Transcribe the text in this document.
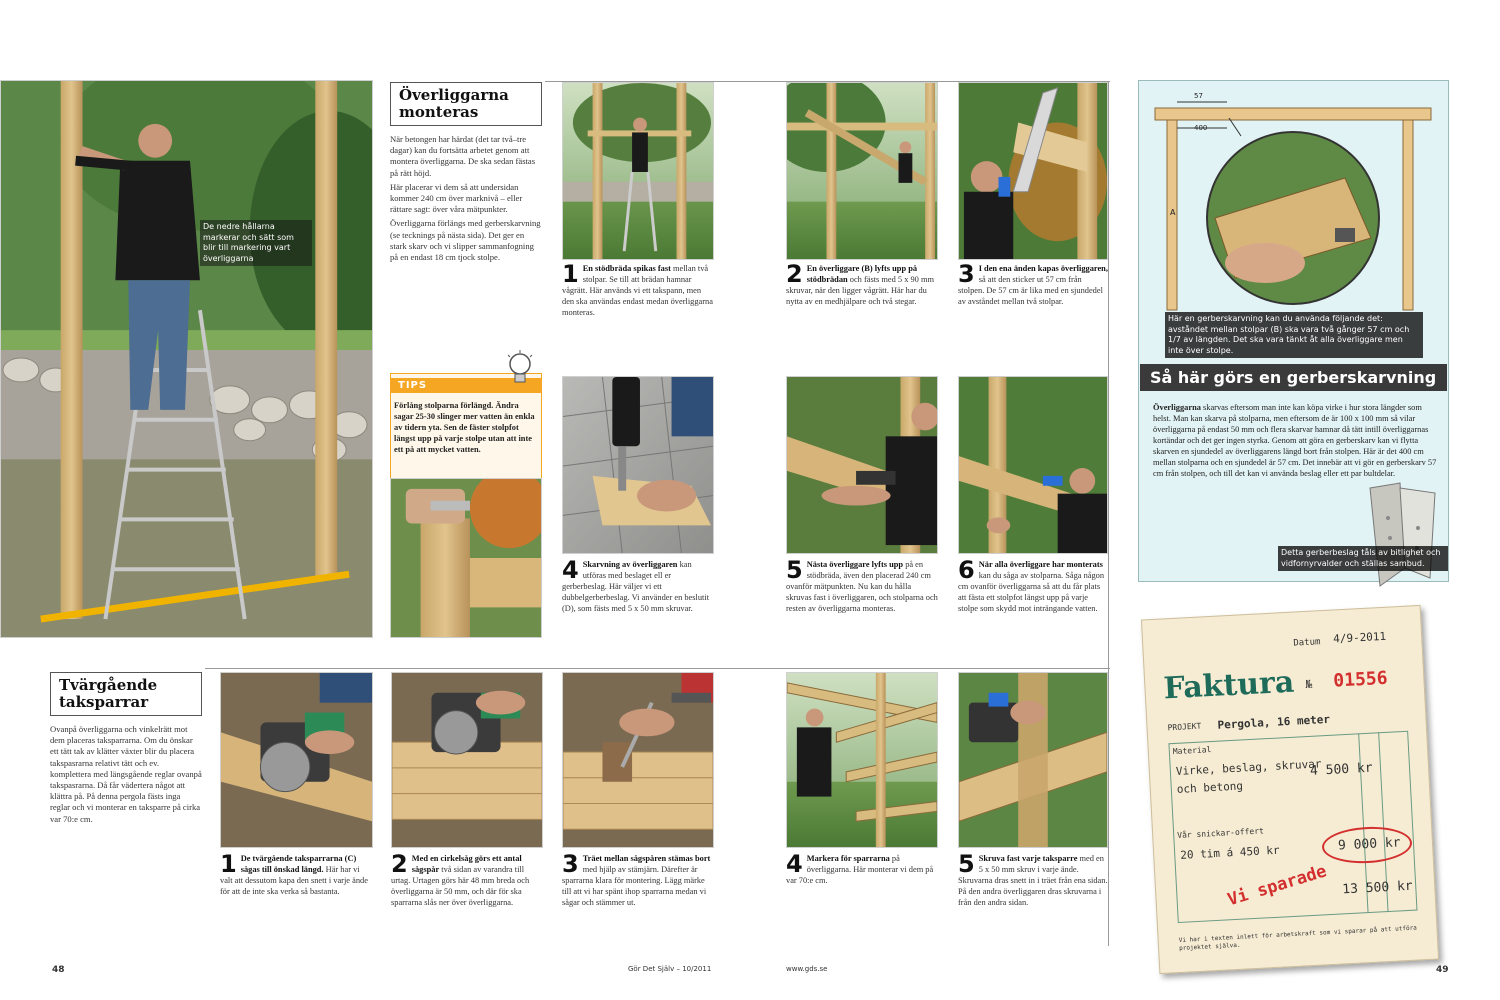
De nedre hållarna markerar och sätt som blir till markering vart överliggarna
Överliggarna
monteras

När betongen har härdat (det tar två–tre dagar) kan du fortsätta arbetet genom att montera överliggarna. De ska sedan fästas på rätt höjd.

Här placerar vi dem så att undersidan kommer 240 cm över marknivå – eller rättare sagt: över våra mätpunkter.

Överliggarna förlängs med gerberskarvning (se tecknings på nästa sida). Det ger en stark skarv och vi slipper sammanfogning på en endast 18 cm tjock stolpe.

TIPS
Förlång stolparna förlängd. Ändra sagar 25-30 slinger mer vatten än enkla av tidern yta. Sen de fäster stolpfot längst upp på varje stolpe utan att inte ett på att mycket vatten.
1 En stödbräda spikas fast mellan två stolpar. Se till att brädan hamnar vågrätt. Här används vi ett takspann, men den ska användas endast medan överliggarna monteras.
2 En överliggare (B) lyfts upp på stödbrädan och fästs med 5 x 90 mm skruvar, när den ligger vågrätt. Här har du nytta av en medhjälpare och två stegar.
3 I den ena änden kapas överliggaren, så att den sticker ut 57 cm från stolpen. De 57 cm är lika med en sjundedel av avståndet mellan två stolpar.
4 Skarvning av överliggaren kan utföras med beslaget ell er gerberbeslag. Här väljer vi ett dubbelgerberbeslag. Vi använder en beslutit (D), som fästs med 5 x 50 mm skruvar.
5 Nästa överliggare lyfts upp på en stödbräda, även den placerad 240 cm ovanför mätpunkten. Nu kan du hålla skruvas fast i överliggaren, och stolparna och resten av överliggarna monteras.
6 När alla överliggare har monterats kan du såga av stolparna. Såga någon cm ovanför överliggarna så att du får plats att fästa ett stolpfot längst upp på varje stolpe som skydd mot inträngande vatten.
57
400
A
Här en gerberskarvning kan du använda följande det: avståndet mellan stolpar (B) ska vara två gånger 57 cm och 1/7 av längden. Det ska vara tänkt åt alla överliggare men inte över stolpe.
Så här görs en gerberskarvning
Överliggarna skarvas eftersom man inte kan köpa virke i hur stora längder som helst. Man kan skarva på stolparna, men eftersom de är 100 x 100 mm så vilar överliggarna på endast 50 mm och flera skarvar hamnar då tätt intill överliggarnas kortändar och det ger ingen styrka. Genom att göra en gerberskarv kan vi flytta skarven en sjundedel av överliggarens längd bort från stolpen. Här är det 400 cm mellan stolparna och en sjundedel är 57 cm. Det innebär att vi gör en gerberskarv 57 cm från stolpen, och till det kan vi använda beslag eller ett par bultdelar.
Detta gerberbeslag tåls av bitlighet och vidfornyrvalder och ställas sambud.
Tvärgående
taksparrar
Ovanpå överliggarna och vinkelrätt mot dem placeras taksparrarna. Om du önskar ett tätt tak av klätter växter blir du placera takspasrarna relativt tätt och ev. komplettera med längsgående reglar ovanpå takspasrarna. Då får vädertera något att klättra på. På denna pergola fästs inga reglar och vi monterar en taksparre på cirka var 70:e cm.
1 De tvärgående taksparrarna (C) sågas till önskad längd. Här har vi valt att dessutom kapa den snett i varje ände för att de inte ska verka så bastanta.
2 Med en cirkelsåg görs ett antal sågspår två sidan av varandra till urtag. Urtagen görs här 48 mm breda och överliggarna är 50 mm, och där för ska sparrarna slås ner över överliggarna.
3 Träet mellan sågspåren stämas bort med hjälp av stämjärn. Därefter är sparrarna klara för montering. Lägg märke till att vi har spänt ihop sparrarna medan vi sågar och stämmer ut.
4 Markera för sparrarna på överliggarna. Här monterar vi dem på var 70:e cm.
5 Skruva fast varje taksparre med en 5 x 50 mm skruv i varje ände. Skruvarna dras snett in i träet från ena sidan. På den andra överliggaren dras skruvarna i från den andra sidan.
Datum 4/9-2011
Faktura № 01556
PROJEKT Pergola, 16 meter
Material
Virke, beslag, skruvar
och betong
4 500 kr
Vår snickar-offert
20 tim á 450 kr	9 000 kr
Vi sparade 13 500 kr
Vi har i texten inlett för arbetskraft som vi sparar på att utföra projektet själva.
48	Gör Det Själv – 10/2011	www.gds.se	49
